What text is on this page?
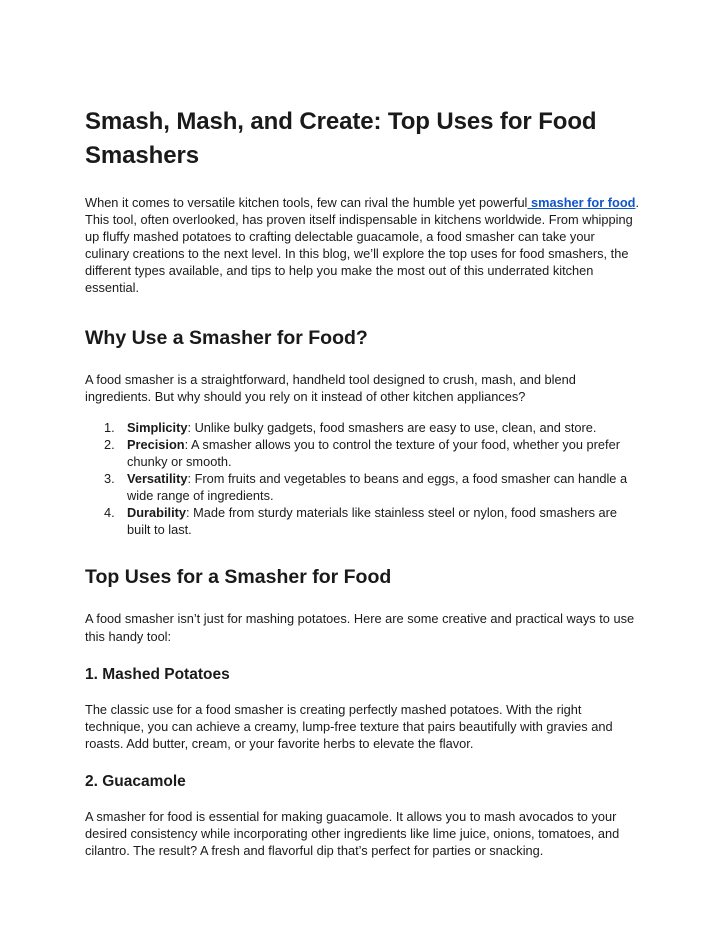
Smash, Mash, and Create: Top Uses for Food Smashers

When it comes to versatile kitchen tools, few can rival the humble yet powerful smasher for food. This tool, often overlooked, has proven itself indispensable in kitchens worldwide. From whipping up fluffy mashed potatoes to crafting delectable guacamole, a food smasher can take your culinary creations to the next level. In this blog, we’ll explore the top uses for food smashers, the different types available, and tips to help you make the most out of this underrated kitchen essential.

Why Use a Smasher for Food?

A food smasher is a straightforward, handheld tool designed to crush, mash, and blend ingredients. But why should you rely on it instead of other kitchen appliances?

1. Simplicity: Unlike bulky gadgets, food smashers are easy to use, clean, and store.
2. Precision: A smasher allows you to control the texture of your food, whether you prefer chunky or smooth.
3. Versatility: From fruits and vegetables to beans and eggs, a food smasher can handle a wide range of ingredients.
4. Durability: Made from sturdy materials like stainless steel or nylon, food smashers are built to last.
Top Uses for a Smasher for Food

A food smasher isn’t just for mashing potatoes. Here are some creative and practical ways to use this handy tool:

1. Mashed Potatoes

The classic use for a food smasher is creating perfectly mashed potatoes. With the right technique, you can achieve a creamy, lump-free texture that pairs beautifully with gravies and roasts. Add butter, cream, or your favorite herbs to elevate the flavor.

2. Guacamole

A smasher for food is essential for making guacamole. It allows you to mash avocados to your desired consistency while incorporating other ingredients like lime juice, onions, tomatoes, and cilantro. The result? A fresh and flavorful dip that’s perfect for parties or snacking.
